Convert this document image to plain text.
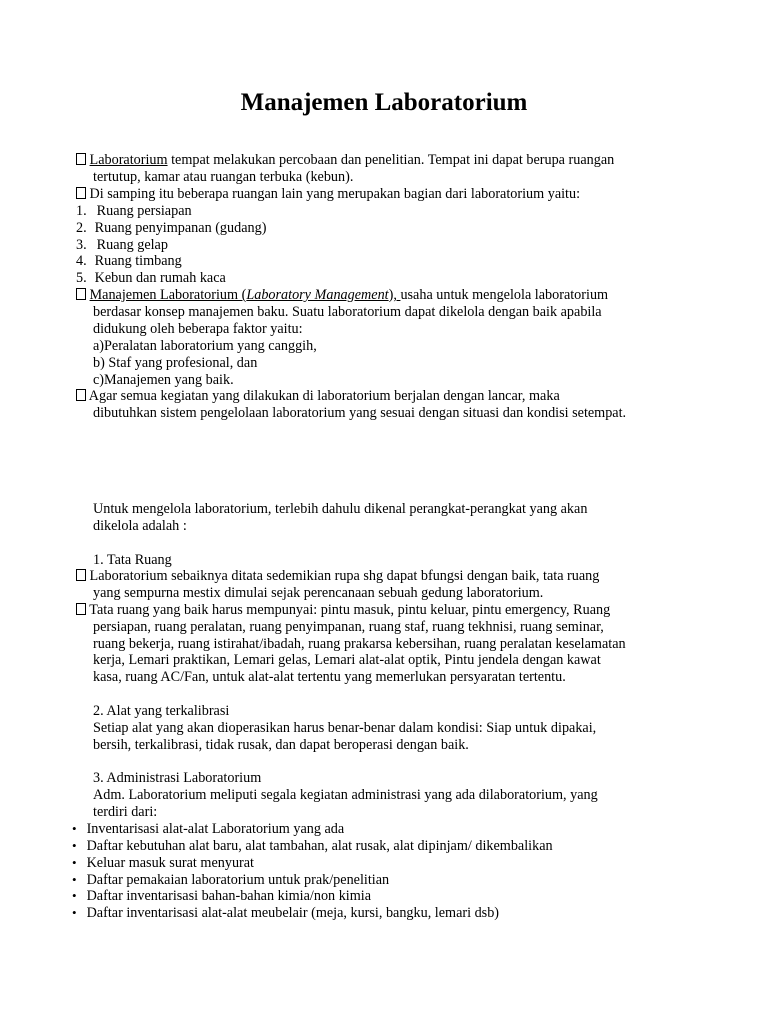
Manajemen Laboratorium
Laboratorium tempat melakukan percobaan dan penelitian. Tempat ini dapat berupa ruangan
tertutup, kamar atau ruangan terbuka (kebun).
Di samping itu beberapa ruangan lain yang merupakan bagian dari laboratorium yaitu:
1. Ruang persiapan
2. Ruang penyimpanan (gudang)
3. Ruang gelap
4. Ruang timbang
5. Kebun dan rumah kaca
Manajemen Laboratorium (Laboratory Management), usaha untuk mengelola laboratorium
berdasar konsep manajemen baku. Suatu laboratorium dapat dikelola dengan baik apabila
didukung oleh beberapa faktor yaitu:
a)Peralatan laboratorium yang canggih,
b) Staf yang profesional, dan
c)Manajemen yang baik.
Agar semua kegiatan yang dilakukan di laboratorium berjalan dengan lancar, maka
dibutuhkan sistem pengelolaan laboratorium yang sesuai dengan situasi dan kondisi setempat.
Untuk mengelola laboratorium, terlebih dahulu dikenal perangkat-perangkat yang akan
dikelola adalah :
1. Tata Ruang
Laboratorium sebaiknya ditata sedemikian rupa shg dapat bfungsi dengan baik, tata ruang
yang sempurna mestix dimulai sejak perencanaan sebuah gedung laboratorium.
Tata ruang yang baik harus mempunyai: pintu masuk, pintu keluar, pintu emergency, Ruang
persiapan, ruang peralatan, ruang penyimpanan, ruang staf, ruang tekhnisi, ruang seminar,
ruang bekerja, ruang istirahat/ibadah, ruang prakarsa kebersihan, ruang peralatan keselamatan
kerja, Lemari praktikan, Lemari gelas, Lemari alat-alat optik, Pintu jendela dengan kawat
kasa, ruang AC/Fan, untuk alat-alat tertentu yang memerlukan persyaratan tertentu.
2. Alat yang terkalibrasi
Setiap alat yang akan dioperasikan harus benar-benar dalam kondisi: Siap untuk dipakai,
bersih, terkalibrasi, tidak rusak, dan dapat beroperasi dengan baik.
3. Administrasi Laboratorium
Adm. Laboratorium meliputi segala kegiatan administrasi yang ada dilaboratorium, yang
terdiri dari:
• Inventarisasi alat-alat Laboratorium yang ada
• Daftar kebutuhan alat baru, alat tambahan, alat rusak, alat dipinjam/ dikembalikan
• Keluar masuk surat menyurat
• Daftar pemakaian laboratorium untuk prak/penelitian
• Daftar inventarisasi bahan-bahan kimia/non kimia
• Daftar inventarisasi alat-alat meubelair (meja, kursi, bangku, lemari dsb)
